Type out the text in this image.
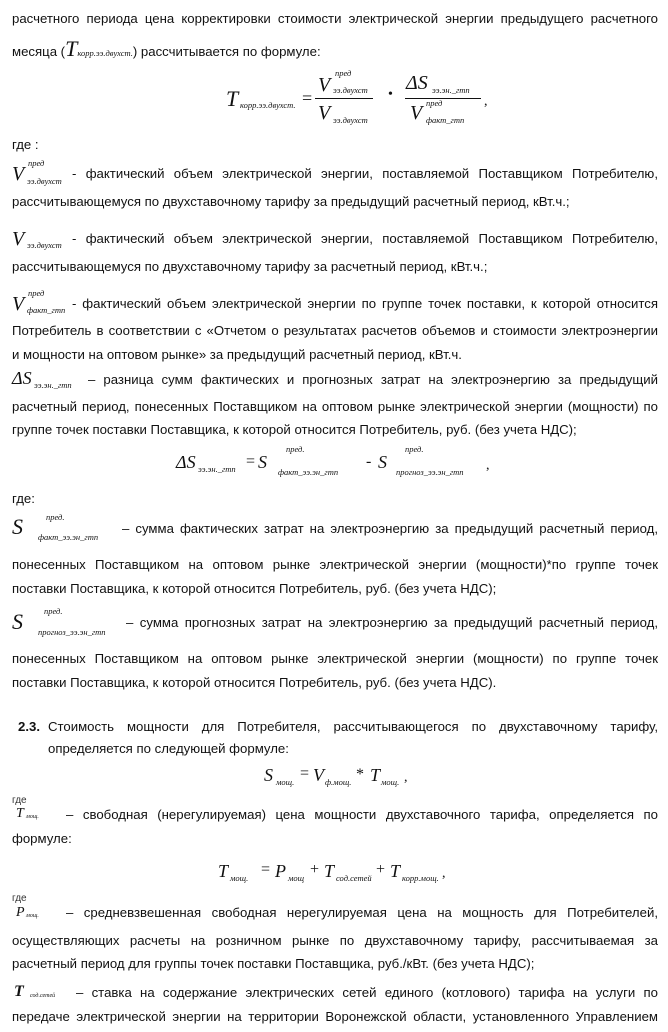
расчетного периода цена корректировки стоимости электрической энергии предыдущего расчетного
месяца (Tкорр.ээ.двухст.) рассчитывается по формуле:
T корр.ээ.двухст. =
V
пред
ээ.двухст
V ээ.двухст
•
ΔS ээ.эн._гтп
V пред
факт_гтп
,
где :
V пред
ээ.двухст - фактический объем электрической энергии, поставляемой Поставщиком Потребителю,
рассчитывающемуся по двухставочному тарифу за предыдущий расчетный период, кВт.ч.;
V ээ.двухст - фактический объем электрической энергии, поставляемой Поставщиком Потребителю,
рассчитывающемуся по двухставочному тарифу за расчетный период, кВт.ч.;
V пред
факт_гтп - фактический объем электрической энергии по группе точек поставки, к которой относится
Потребитель в соответствии с «Отчетом о результатах расчетов объемов и стоимости электроэнергии
и мощности на оптовом рынке» за предыдущий расчетный период, кВт.ч.
ΔS ээ.эн._гтп – разница сумм фактических и прогнозных затрат на электроэнергию за предыдущий
расчетный период, понесенных Поставщиком на оптовом рынке электрической энергии (мощности) по
группе точек поставки Поставщика, к которой относится Потребитель, руб. (без учета НДС);
ΔS ээ.эн._гтп = S
пред.
факт_ээ.эн_гтп
- S
пред.
прогноз_ээ.эн_гтп ,
где:
S	пред.
факт_ээ.эн_гтп
– сумма фактических затрат на электроэнергию за предыдущий расчетный период,
понесенных Поставщиком на оптовом рынке электрической энергии (мощности)*по группе точек
поставки Поставщика, к которой относится Потребитель, руб. (без учета НДС);
S пред.
прогноз_ээ.эн_гтп
– сумма прогнозных затрат на электроэнергию за предыдущий расчетный период,
понесенных Поставщиком на оптовом рынке электрической энергии (мощности) по группе точек
поставки Поставщика, к которой относится Потребитель, руб. (без учета НДС).
2.3. Стоимость мощности для Потребителя, рассчитывающегося по двухставочному тарифу,
определяется по следующей формуле:
S мощ. = V ф.мощ. * T мощ. ,
где
T мощ. – свободная (нерегулируемая) цена мощности двухставочного тарифа, определяется по
формуле:
T мощ. = P мощ + T сод.сетей + T корр.мощ. ,
где
P мощ. – средневзвешенная свободная нерегулируемая цена на мощность для Потребителей,
осуществляющих расчеты на розничном рынке по двухставочному тарифу, рассчитываемая за
расчетный период для группы точек поставки Поставщика, руб./кВт. (без учета НДС);
T сод.сетей – ставка на содержание электрических сетей единого (котлового) тарифа на услуги по
передаче электрической энергии на территории Воронежской области, установленного Управлением
